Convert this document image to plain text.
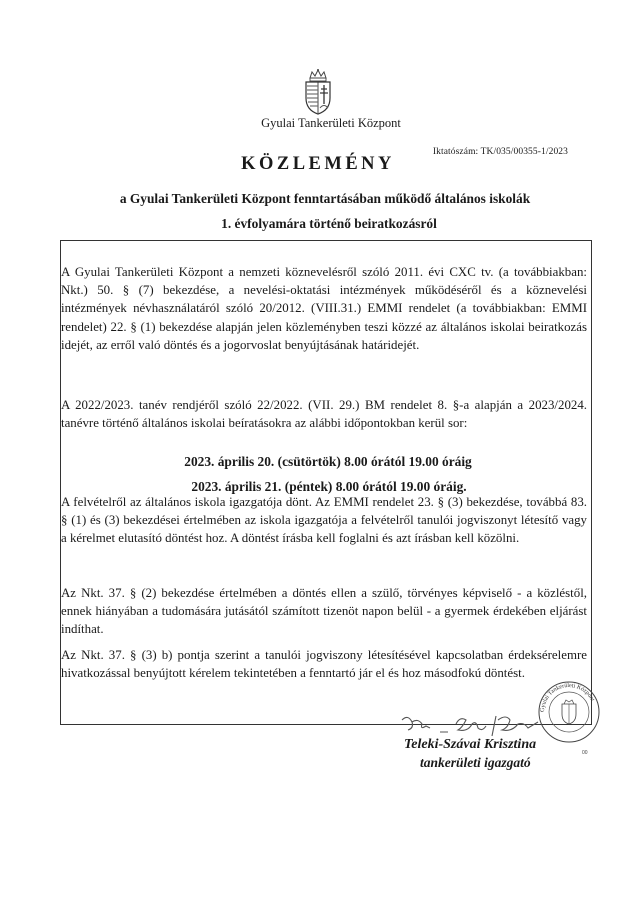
Gyulai Tankerületi Központ
Iktatószám: TK/035/00355-1/2023
KÖZLEMÉNY
a Gyulai Tankerületi Központ fenntartásában működő általános iskolák
1. évfolyamára történő beiratkozásról
A Gyulai Tankerületi Központ a nemzeti köznevelésről szóló 2011. évi CXC tv. (a továbbiakban: Nkt.) 50. § (7) bekezdése, a nevelési-oktatási intézmények működéséről és a köznevelési intézmények névhasználatáról szóló 20/2012. (VIII.31.) EMMI rendelet (a továbbiakban: EMMI rendelet) 22. § (1) bekezdése alapján jelen közleményben teszi közzé az általános iskolai beiratkozás idejét, az erről való döntés és a jogorvoslat benyújtásának határidejét.
A 2022/2023. tanév rendjéről szóló 22/2022. (VII. 29.) BM rendelet 8. §-a alapján a 2023/2024. tanévre történő általános iskolai beíratásokra az alábbi időpontokban kerül sor:
2023. április 20. (csütörtök) 8.00 órától 19.00 óráig
2023. április 21. (péntek) 8.00 órától 19.00 óráig.
A felvételről az általános iskola igazgatója dönt. Az EMMI rendelet 23. § (3) bekezdése, továbbá 83. § (1) és (3) bekezdései értelmében az iskola igazgatója a felvételről tanulói jogviszonyt létesítő vagy a kérelmet elutasító döntést hoz. A döntést írásba kell foglalni és azt írásban kell közölni.
Az Nkt. 37. § (2) bekezdése értelmében a döntés ellen a szülő, törvényes képviselő - a közléstől, ennek hiányában a tudomására jutásától számított tizenöt napon belül - a gyermek érdekében eljárást indíthat.
Az Nkt. 37. § (3) b) pontja szerint a tanulói jogviszony létesítésével kapcsolatban érdeksérelemre hivatkozással benyújtott kérelem tekintetében a fenntartó jár el és hoz másodfokú döntést.
Gyulai Tankerületi Központ
00
Teleki-Szávai Krisztina
tankerületi igazgató
